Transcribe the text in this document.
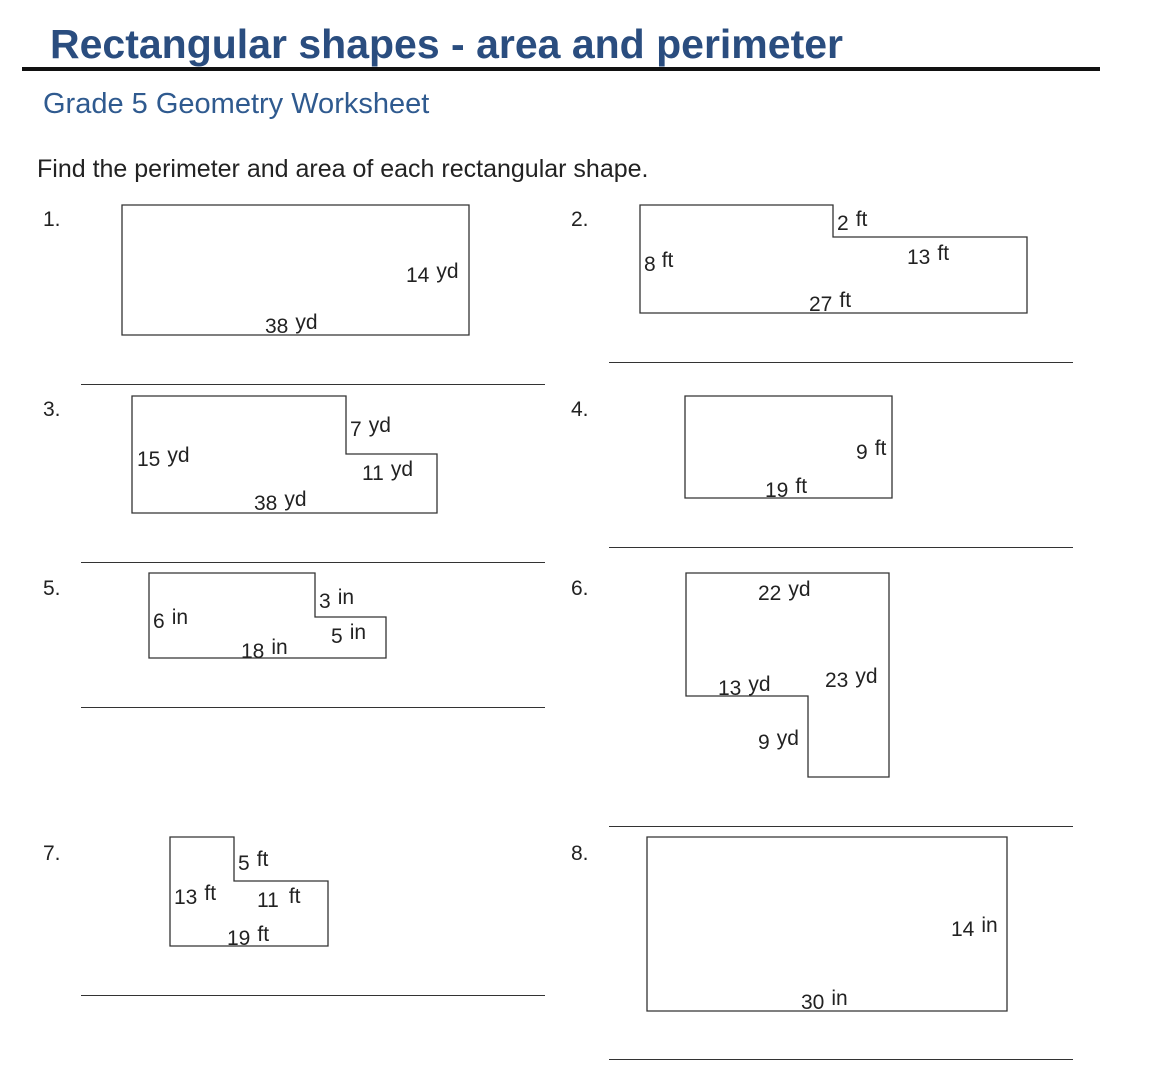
Rectangular shapes - area and perimeter
Grade 5 Geometry Worksheet
Find the perimeter and area of each rectangular shape.
1.
14 yd
38 yd
2.	2 ft
8 ft	13 ft
27 ft
3.
7 yd
15 yd
11 yd
38 yd
4.
9 ft
19 ft
5.
3 in
6 in
5 in
18 in
6.	22 yd
13 yd	23 yd
9 yd
7.	5 ft
13 ft 11 ft
19 ft
8.
14 in
30 in
